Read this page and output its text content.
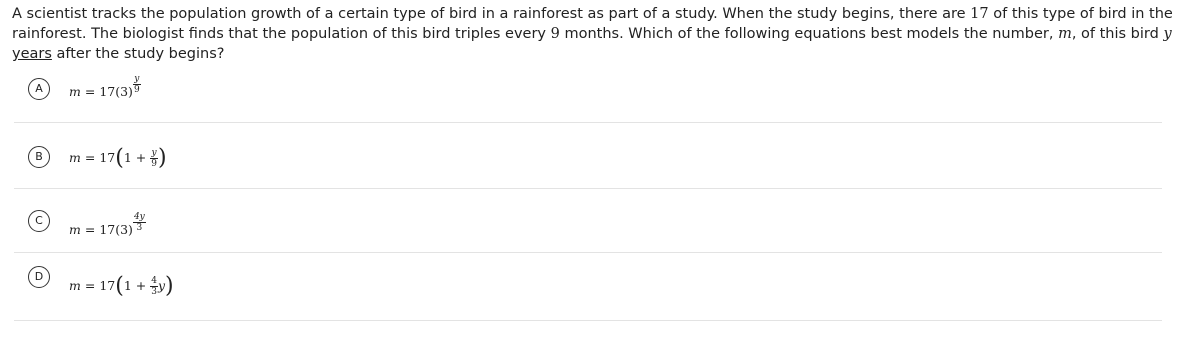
A scientist tracks the population growth of a certain type of bird in a rainforest as part of a study. When the study begins, there are 17 of this type of bird in the rainforest. The biologist finds that the population of this bird triples every 9 months. Which of the following equations best models the number, m, of this bird y years after the study begins?
A	$m = 17(3) \frac{y}{9}$
B	$m = 17(1 + \frac{y}{9}$ )
C
$m = 17(3) \frac{4y}{3}$
D
$m = 17(1 + \frac{4}{3} y)$
